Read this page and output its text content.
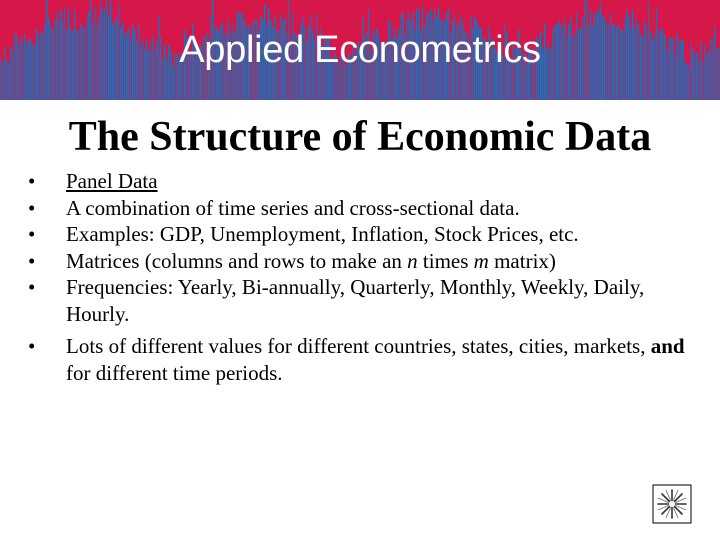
Applied Econometrics
The Structure of Economic Data
•	Panel Data
•	A combination of time series and cross-sectional data.
•	Examples: GDP, Unemployment, Inflation, Stock Prices, etc.
•	Matrices (columns and rows to make an n times m matrix)
•	Frequencies: Yearly, Bi-annually, Quarterly, Monthly, Weekly, Daily, Hourly.
•	Lots of different values for different countries, states, cities, markets, and for different time periods.
